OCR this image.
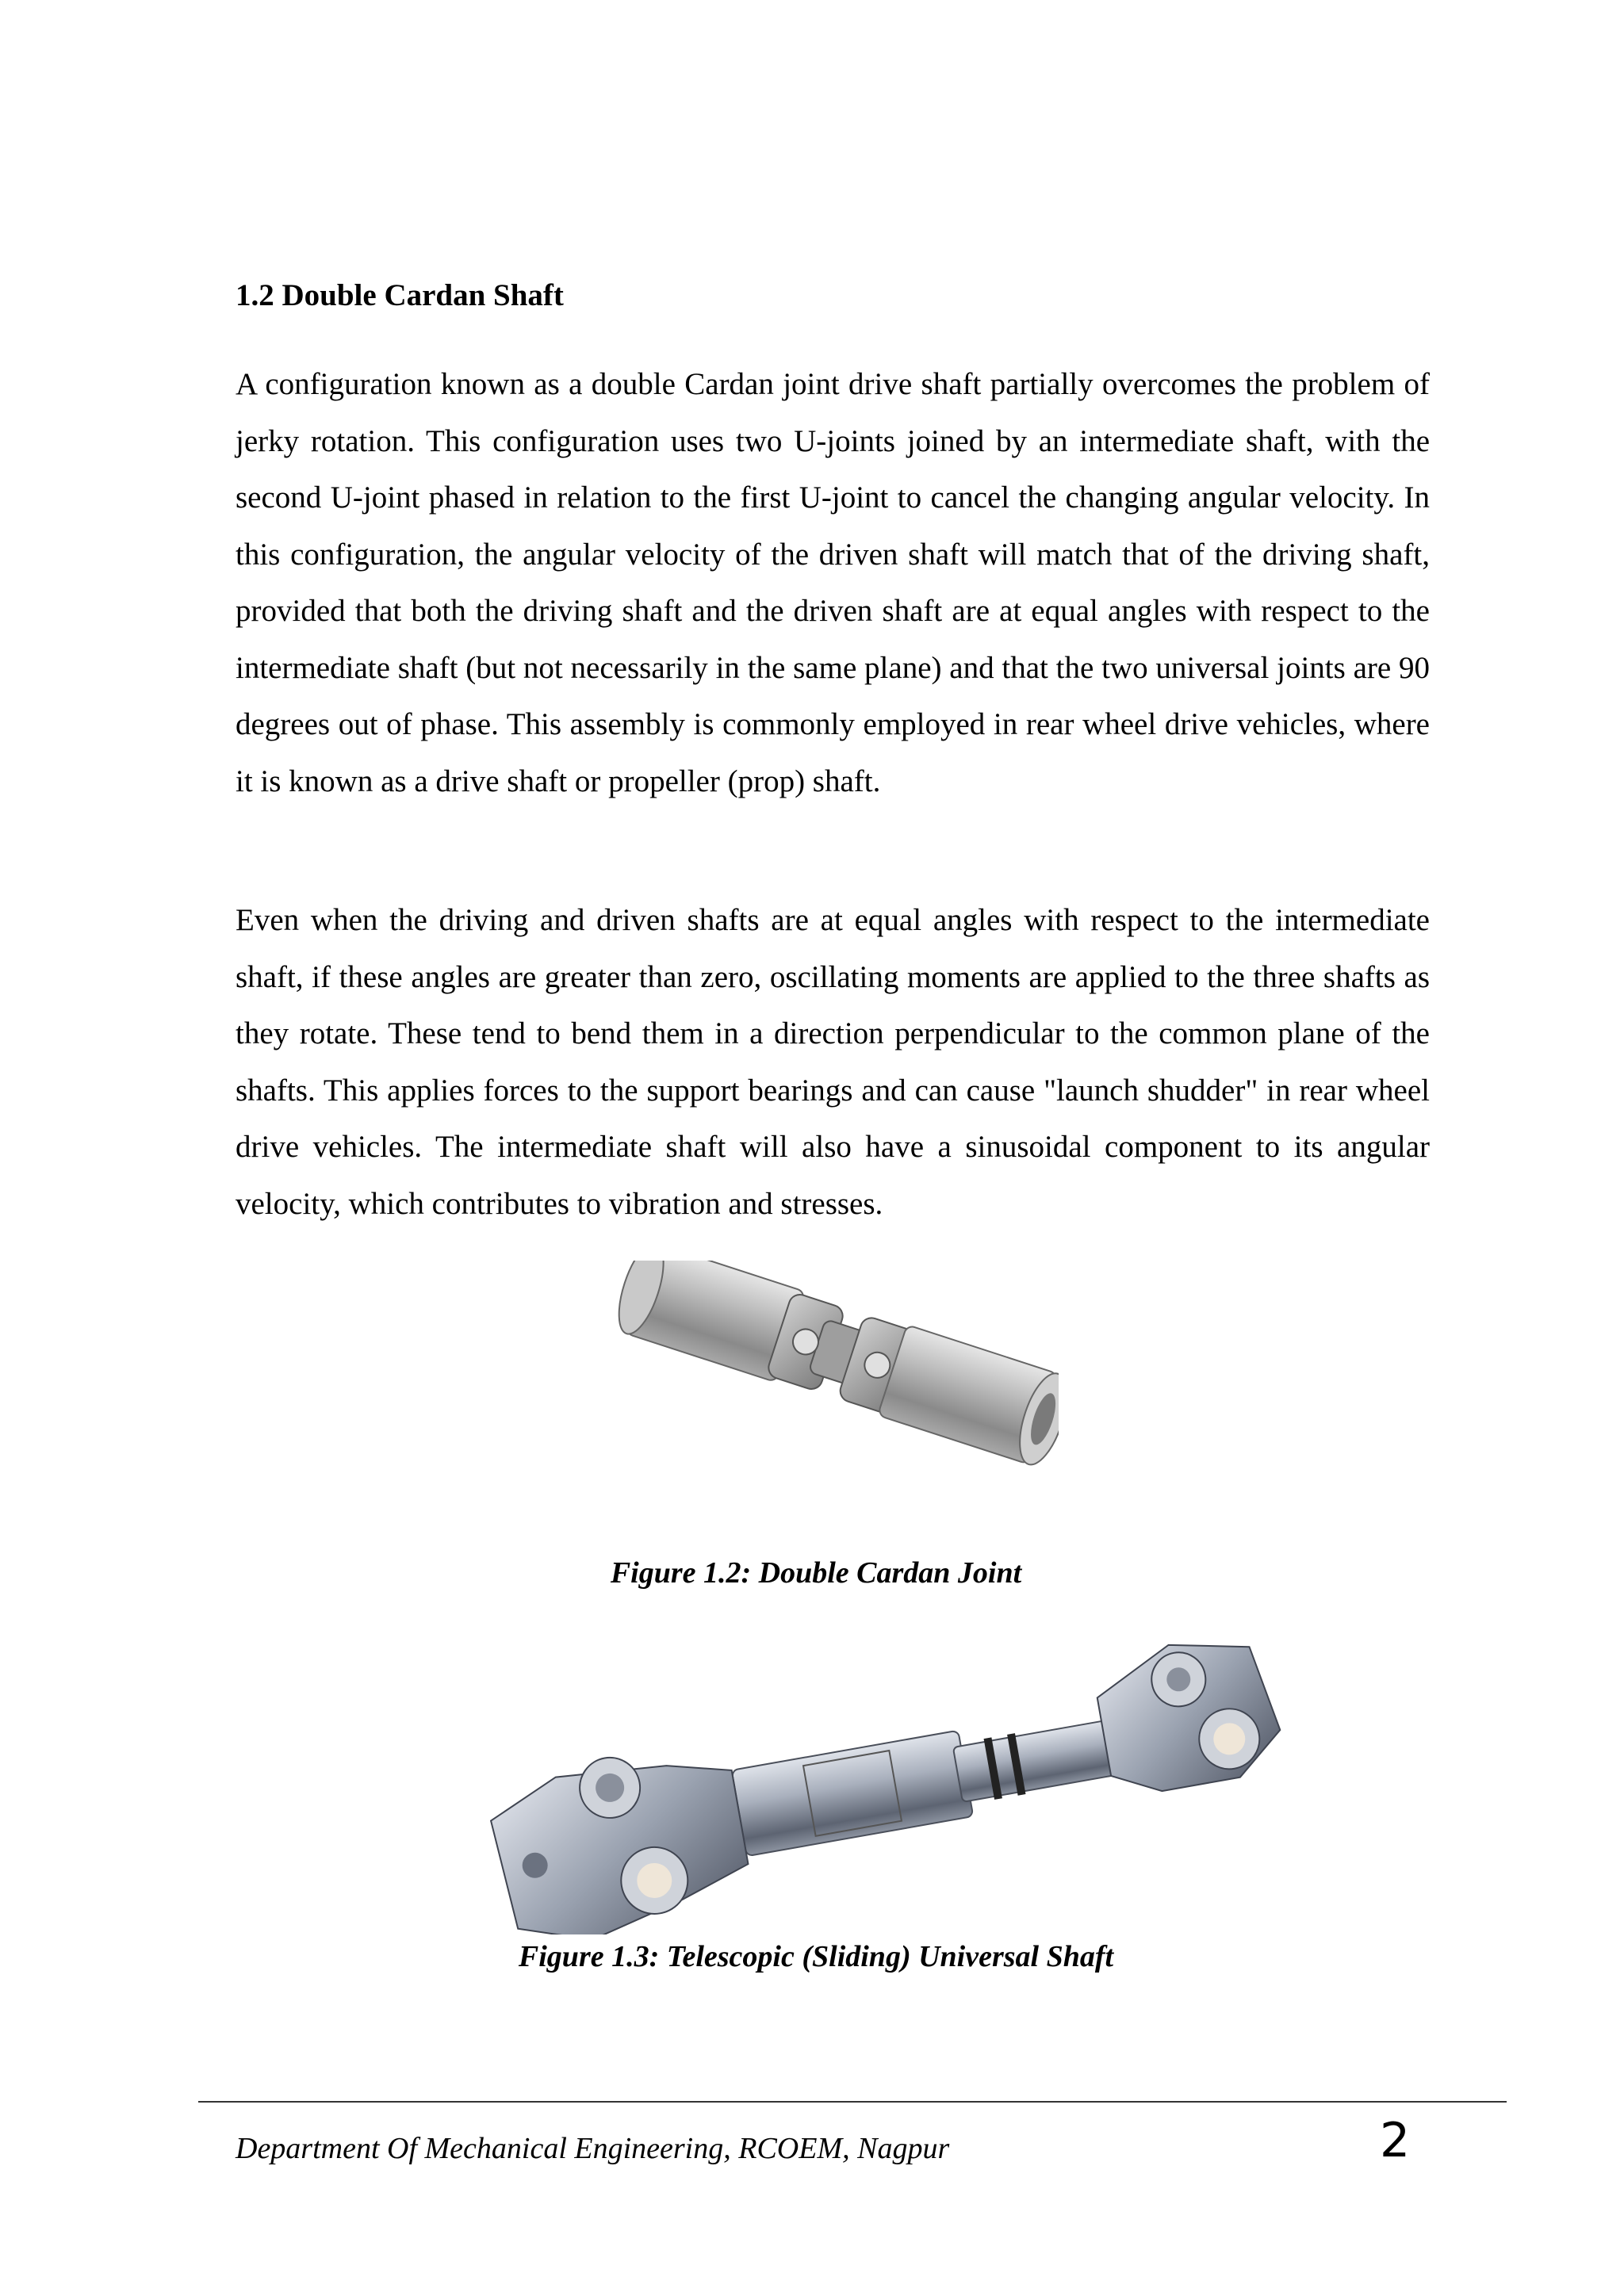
1.2 Double Cardan Shaft

A configuration known as a double Cardan joint drive shaft partially overcomes the problem of jerky rotation. This configuration uses two U-joints joined by an intermediate shaft, with the second U-joint phased in relation to the first U-joint to cancel the changing angular velocity. In this configuration, the angular velocity of the driven shaft will match that of the driving shaft, provided that both the driving shaft and the driven shaft are at equal angles with respect to the intermediate shaft (but not necessarily in the same plane) and that the two universal joints are 90 degrees out of phase. This assembly is commonly employed in rear wheel drive vehicles, where it is known as a drive shaft or propeller (prop) shaft.

Even when the driving and driven shafts are at equal angles with respect to the intermediate shaft, if these angles are greater than zero, oscillating moments are applied to the three shafts as they rotate. These tend to bend them in a direction perpendicular to the common plane of the shafts. This applies forces to the support bearings and can cause "launch shudder" in rear wheel drive vehicles. The intermediate shaft will also have a sinusoidal component to its angular velocity, which contributes to vibration and stresses.

Figure 1.2: Double Cardan Joint
Figure 1.3: Telescopic (Sliding) Universal Shaft
Department Of Mechanical Engineering, RCOEM, Nagpur	2
